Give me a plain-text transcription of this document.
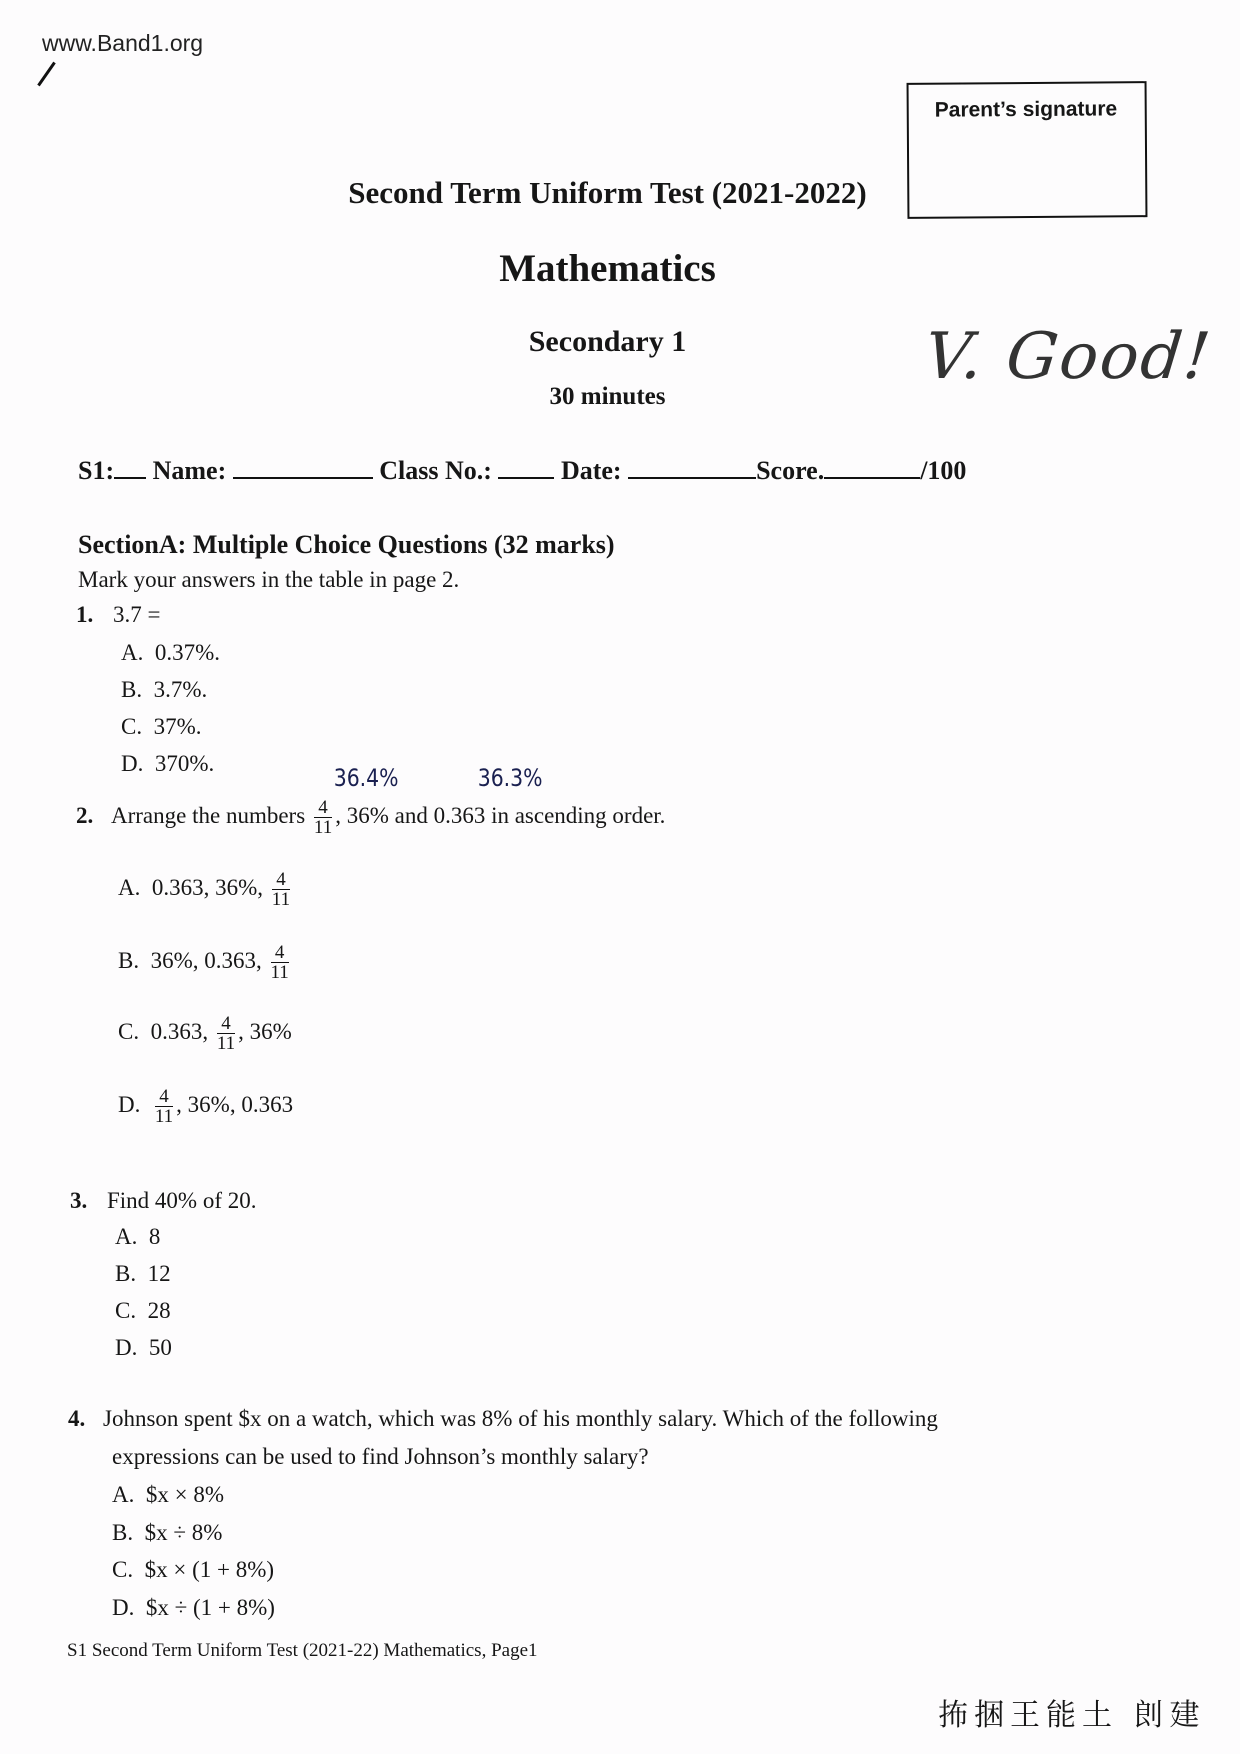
www.Band1.org
Parent’s signature
Second Term Uniform Test (2021-2022)
Mathematics
Secondary 1
30 minutes
V. Good!
S1: Name:	Class No.:	Date:	Score.	/100
SectionA: Multiple Choice Questions (32 marks)
Mark your answers in the table in page 2.
1. 3.7 =
A. 0.37%.
B. 3.7%.
C. 37%.
D. 370%.
36.4%	36.3%
2. Arrange the numbers $\frac{4}{11}$ , 36% and 0.363 in ascending order.
A. 0.363, 36%, $\frac{4}{11}$
B. 36%, 0.363, $\frac{4}{11}$
C. 0.363, $\frac{4}{11}$ , 36%
D. $\frac{4}{11}$ , 36%, 0.363
3. Find 40% of 20.
A. 8
B. 12
C. 28
D. 50
4. Johnson spent $x on a watch, which was 8% of his monthly salary. Which of the following
expressions can be used to find Johnson’s monthly salary?
A. $x × 8%
B. $x ÷ 8%
C. $x × (1 + 8%)
D. $x ÷ (1 + 8%)
S1 Second Term Uniform Test (2021-22) Mathematics, Page1
抪捆王能土 剆建
